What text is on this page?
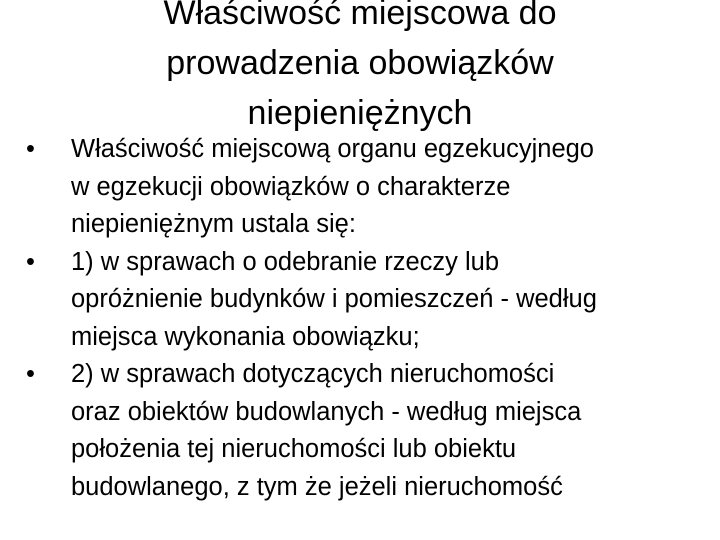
Właściwość miejscowa do
prowadzenia obowiązków
niepieniężnych
•	Właściwość miejscową organu egzekucyjnego
w egzekucji obowiązków o charakterze
niepieniężnym ustala się:
•	1) w sprawach o odebranie rzeczy lub
opróżnienie budynków i pomieszczeń - według
miejsca wykonania obowiązku;
•	2) w sprawach dotyczących nieruchomości
oraz obiektów budowlanych - według miejsca
położenia tej nieruchomości lub obiektu
budowlanego, z tym że jeżeli nieruchomość
